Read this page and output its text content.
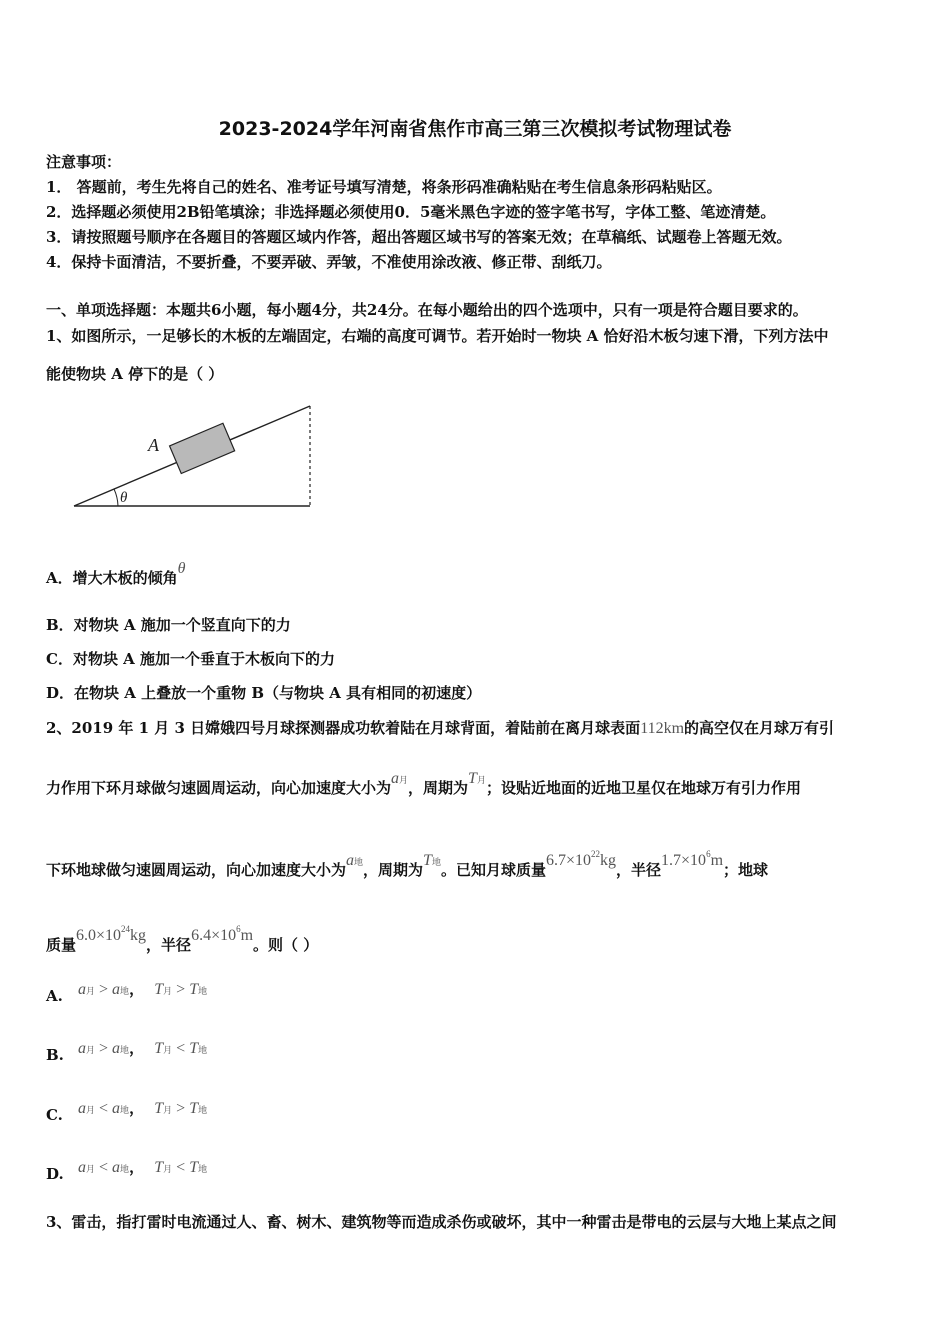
2023-2024学年河南省焦作市高三第三次模拟考试物理试卷
注意事项：
1． 答题前，考生先将自己的姓名、准考证号填写清楚，将条形码准确粘贴在考生信息条形码粘贴区。
2．选择题必须使用2B铅笔填涂；非选择题必须使用0．5毫米黑色字迹的签字笔书写，字体工整、笔迹清楚。
3．请按照题号顺序在各题目的答题区域内作答，超出答题区域书写的答案无效；在草稿纸、试题卷上答题无效。
4．保持卡面清洁，不要折叠，不要弄破、弄皱，不准使用涂改液、修正带、刮纸刀。
一、单项选择题：本题共6小题，每小题4分，共24分。在每小题给出的四个选项中，只有一项是符合题目要求的。
1、如图所示，一足够长的木板的左端固定，右端的高度可调节。若开始时一物块 A 恰好沿木板匀速下滑，下列方法中
能使物块 A 停下的是（ ）
A
θ
A．增大木板的倾角θ
B．对物块 A 施加一个竖直向下的力
C．对物块 A 施加一个垂直于木板向下的力
D．在物块 A 上叠放一个重物 B（与物块 A 具有相同的初速度）
2、2019 年 1 月 3 日嫦娥四号月球探测器成功软着陆在月球背面，着陆前在离月球表面112km的高空仅在月球万有引
力作用下环月球做匀速圆周运动，向心加速度大小为a月，周期为T月；设贴近地面的近地卫星仅在地球万有引力作用
下环地球做匀速圆周运动，向心加速度大小为a地，周期为T地。已知月球质量$6.7\times 10^{22}kg$，半径$1.7\times 10^6m$；地球
质量$6.0\times 10^{24}kg$，半径$6.4\times 10^6m$。则（ ）
A. a月 > a地， T月 > T地
B. a月 > a地， T月 < T地
C. a月 < a地， T月 > T地
D. a月 < a地， T月 < T地
3、雷击，指打雷时电流通过人、畜、树木、建筑物等而造成杀伤或破坏，其中一种雷击是带电的云层与大地上某点之间
